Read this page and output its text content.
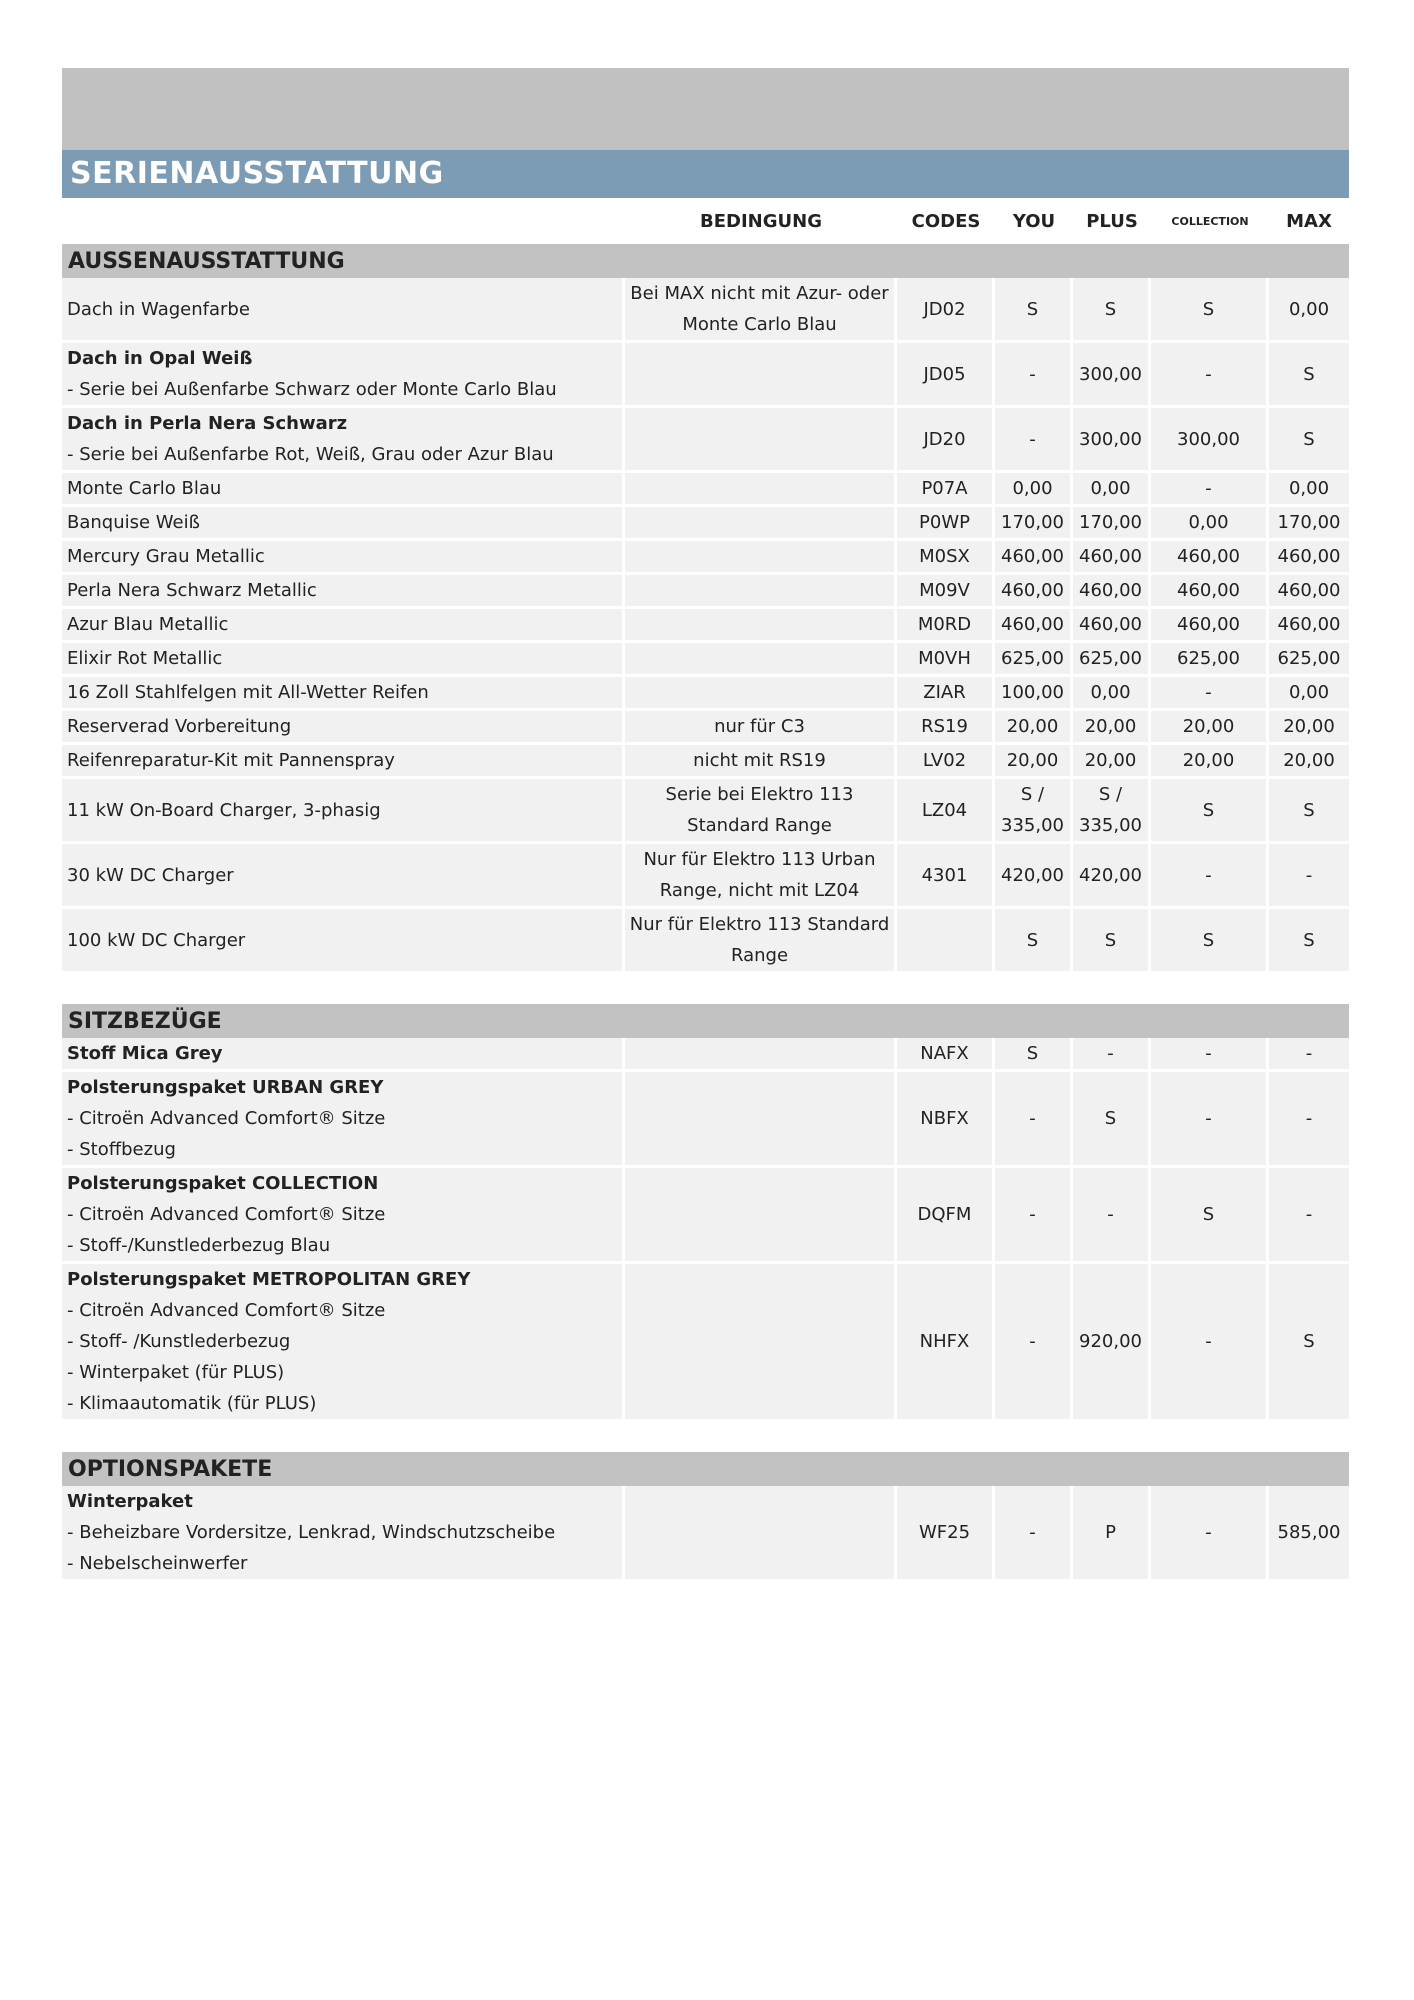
SERIENAUSSTATTUNG
	BEDINGUNG	CODES	YOU	PLUS	COLLECTION	MAX
AUSSENAUSSTATTUNG						
Dach in Wagenfarbe	Bei MAX nicht mit Azur- oder Monte Carlo Blau	JD02	S	S	S	0,00

Dach in Opal Weiß
- Serie bei Außenfarbe Schwarz oder Monte Carlo Blau		JD05	-	300,00	-	S

Dach in Perla Nera Schwarz
- Serie bei Außenfarbe Rot, Weiß, Grau oder Azur Blau		JD20	-	300,00	300,00	S
Monte Carlo Blau		P07A	0,00	0,00	-	0,00
Banquise Weiß		P0WP	170,00	170,00	0,00	170,00
Mercury Grau Metallic		M0SX	460,00	460,00	460,00	460,00
Perla Nera Schwarz Metallic		M09V	460,00	460,00	460,00	460,00
Azur Blau Metallic		M0RD	460,00	460,00	460,00	460,00
Elixir Rot Metallic		M0VH	625,00	625,00	625,00	625,00
16 Zoll Stahlfelgen mit All-Wetter Reifen		ZIAR	100,00	0,00	-	0,00
Reserverad Vorbereitung	nur für C3	RS19	20,00	20,00	20,00	20,00
Reifenreparatur-Kit mit Pannenspray	nicht mit RS19	LV02	20,00	20,00	20,00	20,00
11 kW On-Board Charger, 3-phasig	Serie bei Elektro 113 Standard Range	LZ04	S / 335,00	S / 335,00	S	S
30 kW DC Charger	Nur für Elektro 113 Urban Range, nicht mit LZ04	4301	420,00	420,00	-	-
100 kW DC Charger	Nur für Elektro 113 Standard Range		S	S	S	S

SITZBEZÜGE						

Stoff Mica Grey		NAFX	S	-	-	-

Polsterungspaket URBAN GREY
- Citroën Advanced Comfort® Sitze
- Stoffbezug		NBFX	-	S	-	-

Polsterungspaket COLLECTION
- Citroën Advanced Comfort® Sitze
- Stoff-/Kunstlederbezug Blau		DQFM	-	-	S	-

Polsterungspaket METROPOLITAN GREY
- Citroën Advanced Comfort® Sitze
- Stoff- /Kunstlederbezug
- Winterpaket (für PLUS)
- Klimaautomatik (für PLUS)		NHFX	-	920,00	-	S

OPTIONSPAKETE						

Winterpaket
- Beheizbare Vordersitze, Lenkrad, Windschutzscheibe
- Nebelscheinwerfer		WF25	-	P	-	585,00
